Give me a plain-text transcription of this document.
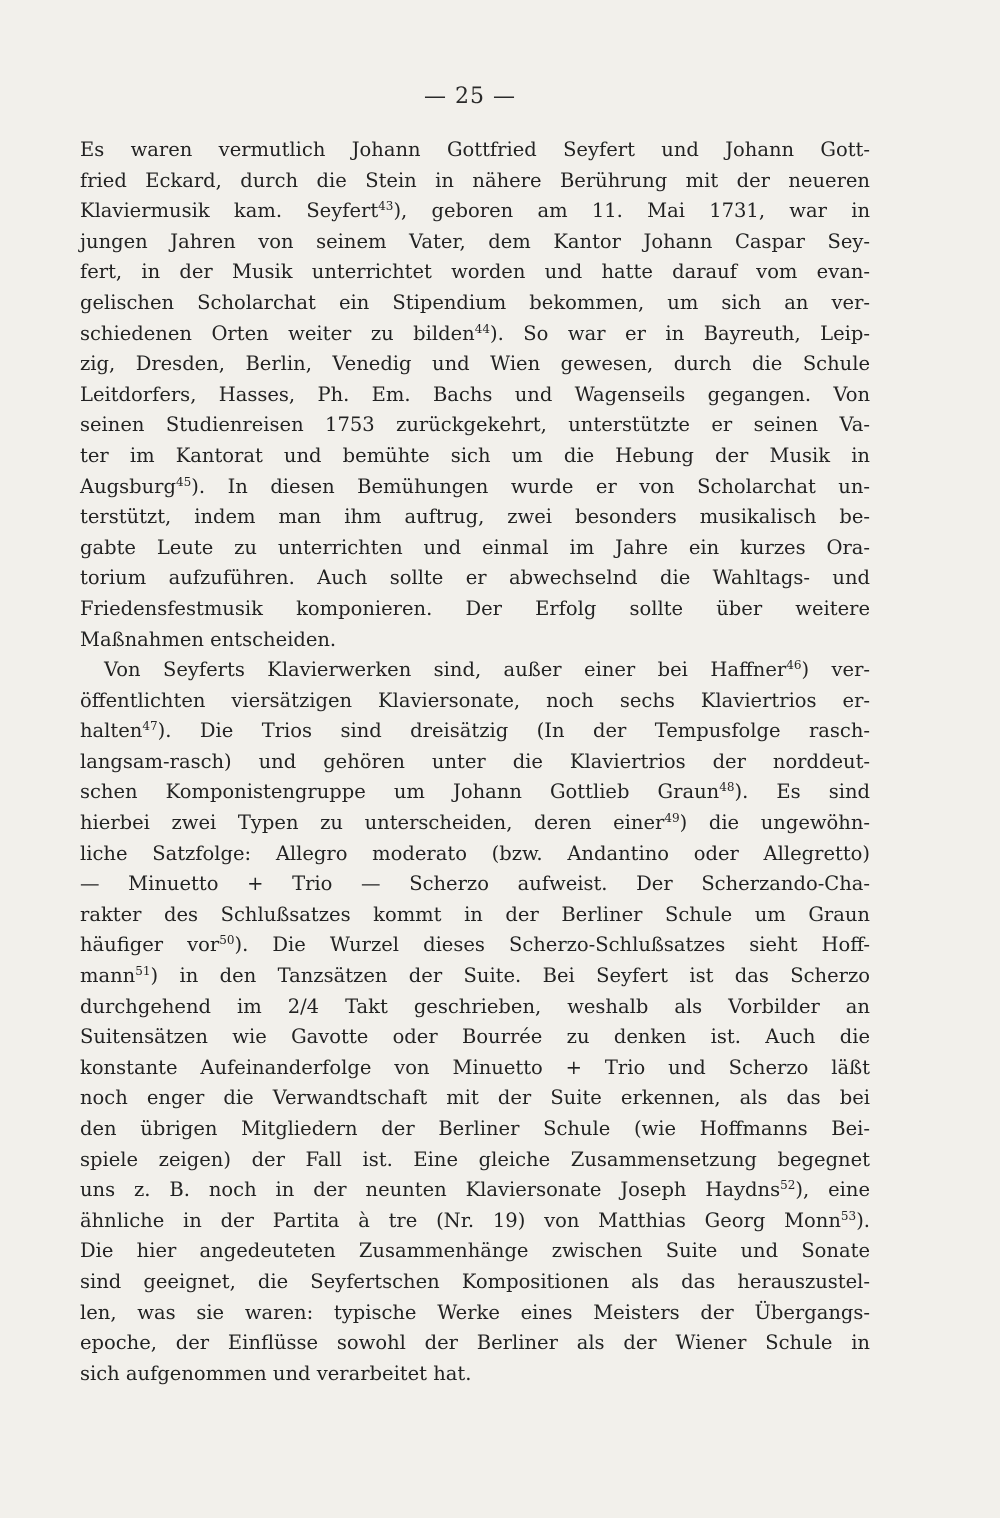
— 25 —
Es waren vermutlich Johann Gottfried Seyfert und Johann Gott-
fried Eckard, durch die Stein in nähere Berührung mit der neueren
Klaviermusik kam. Seyfert$^{43}$), geboren am 11. Mai 1731, war in
jungen Jahren von seinem Vater, dem Kantor Johann Caspar Sey-
fert, in der Musik unterrichtet worden und hatte darauf vom evan-
gelischen Scholarchat ein Stipendium bekommen, um sich an ver-
schiedenen Orten weiter zu bilden$^{44}$). So war er in Bayreuth, Leip-
zig, Dresden, Berlin, Venedig und Wien gewesen, durch die Schule
Leitdorfers, Hasses, Ph. Em. Bachs und Wagenseils gegangen. Von
seinen Studienreisen 1753 zurückgekehrt, unterstützte er seinen Va-
ter im Kantorat und bemühte sich um die Hebung der Musik in
Augsburg$^{45}$). In diesen Bemühungen wurde er von Scholarchat un-
terstützt, indem man ihm auftrug, zwei besonders musikalisch be-
gabte Leute zu unterrichten und einmal im Jahre ein kurzes Ora-
torium aufzuführen. Auch sollte er abwechselnd die Wahltags- und
Friedensfestmusik komponieren. Der Erfolg sollte über weitere
Maßnahmen entscheiden.
Von Seyferts Klavierwerken sind, außer einer bei Haffner$^{46}$) ver-
öffentlichten viersätzigen Klaviersonate, noch sechs Klaviertrios er-
halten$^{47}$). Die Trios sind dreisätzig (In der Tempusfolge rasch-
langsam-rasch) und gehören unter die Klaviertrios der norddeut-
schen Komponistengruppe um Johann Gottlieb Graun$^{48}$). Es sind
hierbei zwei Typen zu unterscheiden, deren einer$^{49}$) die ungewöhn-
liche Satzfolge: Allegro moderato (bzw. Andantino oder Allegretto)
— Minuetto + Trio — Scherzo aufweist. Der Scherzando-Cha-
rakter des Schlußsatzes kommt in der Berliner Schule um Graun
häufiger vor$^{50}$). Die Wurzel dieses Scherzo-Schlußsatzes sieht Hoff-
mann$^{51}$) in den Tanzsätzen der Suite. Bei Seyfert ist das Scherzo
durchgehend im 2/4 Takt geschrieben, weshalb als Vorbilder an
Suitensätzen wie Gavotte oder Bourrée zu denken ist. Auch die
konstante Aufeinanderfolge von Minuetto + Trio und Scherzo läßt
noch enger die Verwandtschaft mit der Suite erkennen, als das bei
den übrigen Mitgliedern der Berliner Schule (wie Hoffmanns Bei-
spiele zeigen) der Fall ist. Eine gleiche Zusammensetzung begegnet
uns z. B. noch in der neunten Klaviersonate Joseph Haydns$^{52}$), eine
ähnliche in der Partita à tre (Nr. 19) von Matthias Georg Monn$^{53}$).
Die hier angedeuteten Zusammenhänge zwischen Suite und Sonate
sind geeignet, die Seyfertschen Kompositionen als das herauszustel-
len, was sie waren: typische Werke eines Meisters der Übergangs-
epoche, der Einflüsse sowohl der Berliner als der Wiener Schule in
sich aufgenommen und verarbeitet hat.
